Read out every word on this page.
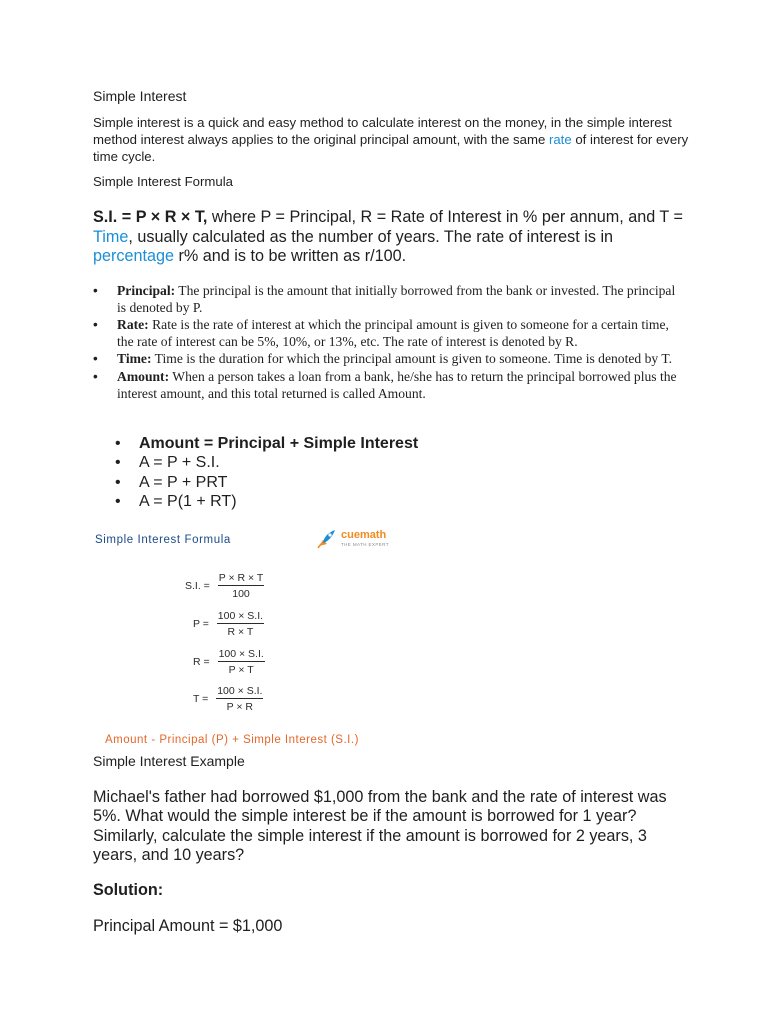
Simple Interest
Simple interest is a quick and easy method to calculate interest on the money, in the simple interest method interest always applies to the original principal amount, with the same rate of interest for every time cycle.
Simple Interest Formula
S.I. = P × R × T, where P = Principal, R = Rate of Interest in % per annum, and T = Time, usually calculated as the number of years. The rate of interest is in percentage r% and is to be written as r/100.
• Principal: The principal is the amount that initially borrowed from the bank or invested. The principal is denoted by P.
• Rate: Rate is the rate of interest at which the principal amount is given to someone for a certain time, the rate of interest can be 5%, 10%, or 13%, etc. The rate of interest is denoted by R.
• Time: Time is the duration for which the principal amount is given to someone. Time is denoted by T.
• Amount: When a person takes a loan from a bank, he/she has to return the principal borrowed plus the interest amount, and this total returned is called Amount.
• Amount = Principal + Simple Interest
• A = P + S.I.
• A = P + PRT
• A = P(1 + RT)
Simple Interest Formula	cuemath
THE MATH EXPERT
S.I. = $\frac{P \times R \times T}{100}$
$P = \frac{100 \times S.I.}{R \times T}$
$R = \frac{100 \times S.I.}{P \times T}$
$T = \frac{100 \times S.I.}{P \times R}$
Amount - Principal (P) + Simple Interest (S.I.)
Simple Interest Example
Michael's father had borrowed $1,000 from the bank and the rate of interest was 5%. What would the simple interest be if the amount is borrowed for 1 year? Similarly, calculate the simple interest if the amount is borrowed for 2 years, 3 years, and 10 years?
Solution:
Principal Amount = $1,000
